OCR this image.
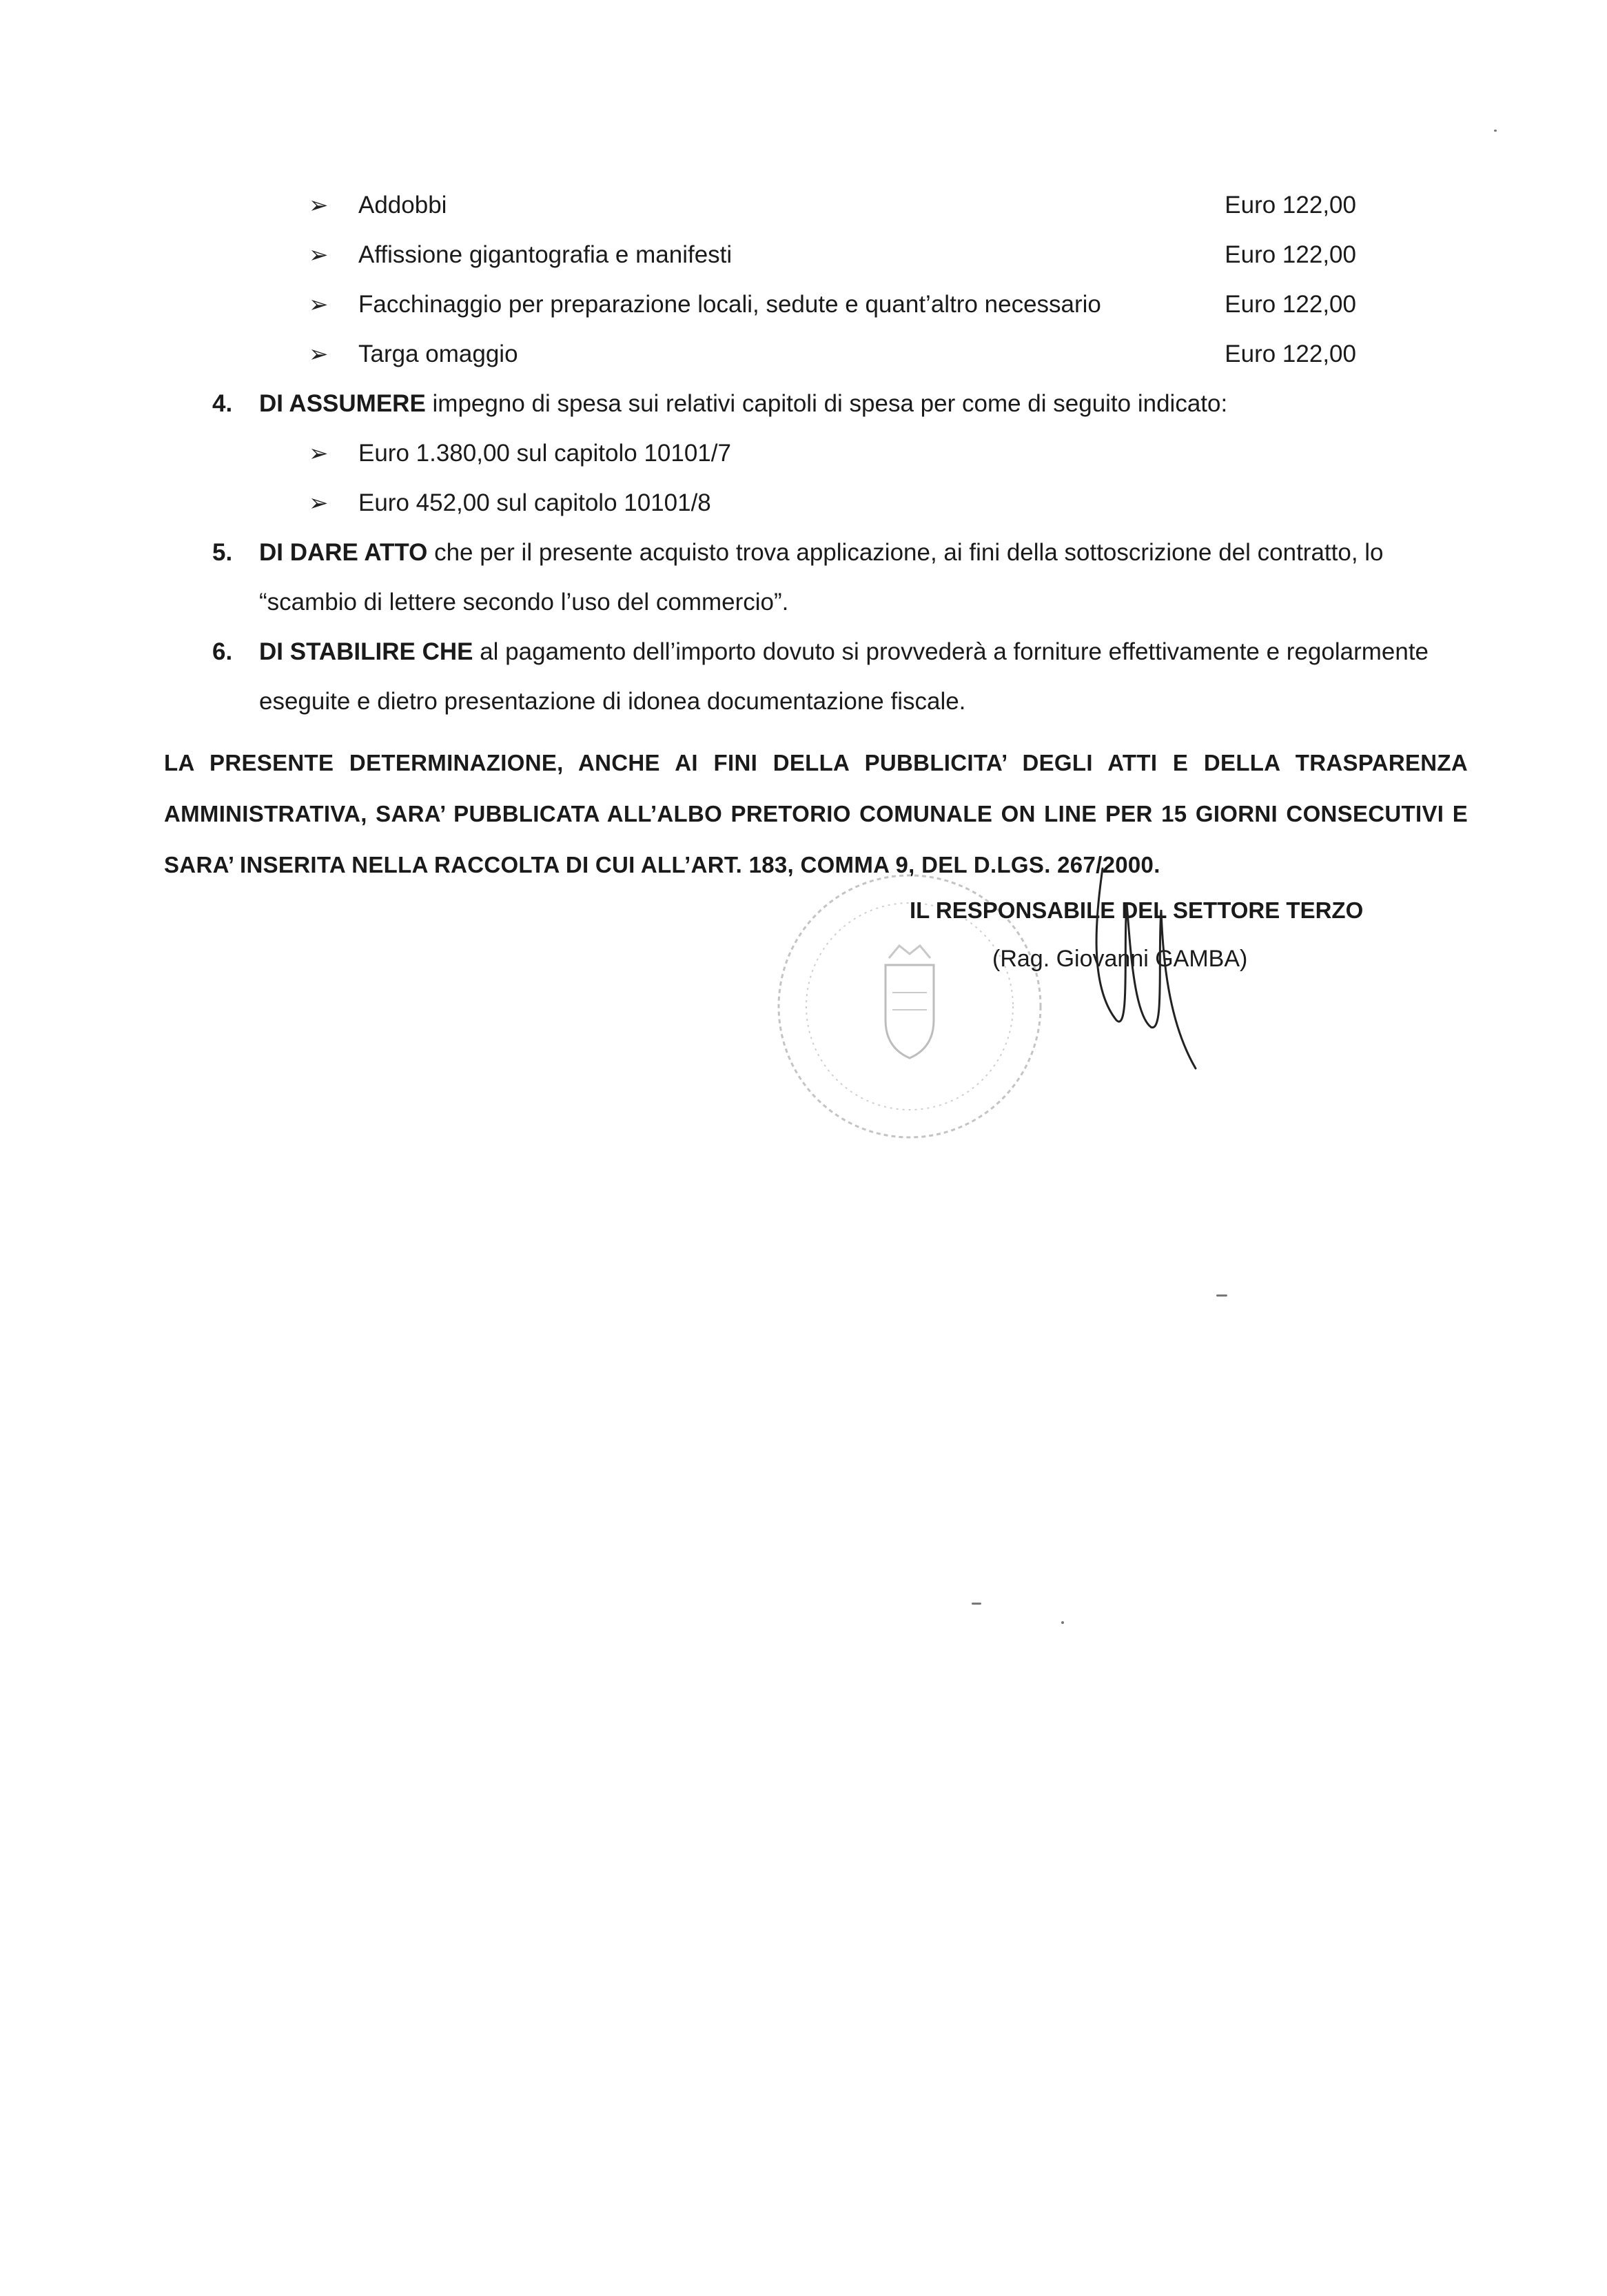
➢	Addobbi	Euro 122,00
➢	Affissione gigantografia e manifesti	Euro 122,00
➢	Facchinaggio per preparazione locali, sedute e quant’altro necessario	Euro 122,00
➢	Targa omaggio	Euro 122,00
4. DI ASSUMERE impegno di spesa sui relativi capitoli di spesa per come di seguito indicato:
➢	Euro 1.380,00 sul capitolo 10101/7
➢	Euro 452,00 sul capitolo 10101/8
5. DI DARE ATTO che per il presente acquisto trova applicazione, ai fini della sottoscrizione del contratto, lo
“scambio di lettere secondo l’uso del commercio”.
6. DI STABILIRE CHE al pagamento dell’importo dovuto si provvederà a forniture effettivamente e regolarmente
eseguite e dietro presentazione di idonea documentazione fiscale.
LA PRESENTE DETERMINAZIONE, ANCHE AI FINI DELLA PUBBLICITA’ DEGLI ATTI E DELLA TRASPARENZA
AMMINISTRATIVA, SARA’ PUBBLICATA ALL’ALBO PRETORIO COMUNALE ON LINE PER 15 GIORNI CONSECUTIVI E
SARA’ INSERITA NELLA RACCOLTA DI CUI ALL’ART. 183, COMMA 9, DEL D.LGS. 267/2000.
IL RESPONSABILE DEL SETTORE TERZO
(Rag. Giovanni GAMBA)
